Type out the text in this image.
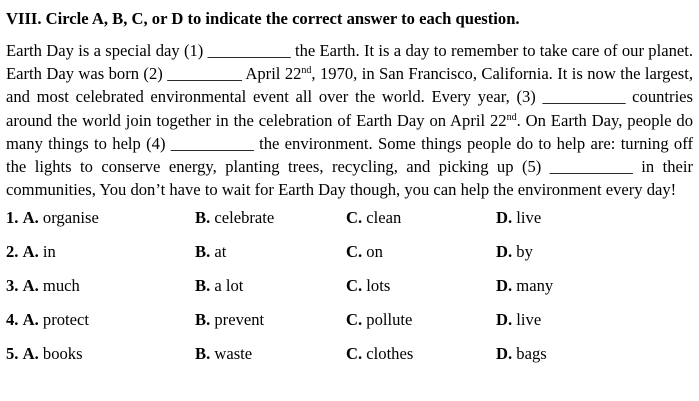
VIII. Circle A, B, C, or D to indicate the correct answer to each question.

Earth Day is a special day (1) __________ the Earth. It is a day to remember to take care of our planet. Earth Day was born (2) _________ April 22nd, 1970, in San Francisco, California. It is now the largest, and most celebrated environmental event all over the world. Every year, (3) __________ countries around the world join together in the celebration of Earth Day on April 22nd. On Earth Day, people do many things to help (4) __________ the environment. Some things people do to help are: turning off the lights to conserve energy, planting trees, recycling, and picking up (5) __________ in their communities, You don’t have to wait for Earth Day though, you can help the environment every day!

1. A. organise	B. celebrate	C. clean	D. live
2. A. in	B. at	C. on	D. by
3. A. much	B. a lot	C. lots	D. many
4. A. protect	B. prevent	C. pollute	D. live
5. A. books	B. waste	C. clothes	D. bags
